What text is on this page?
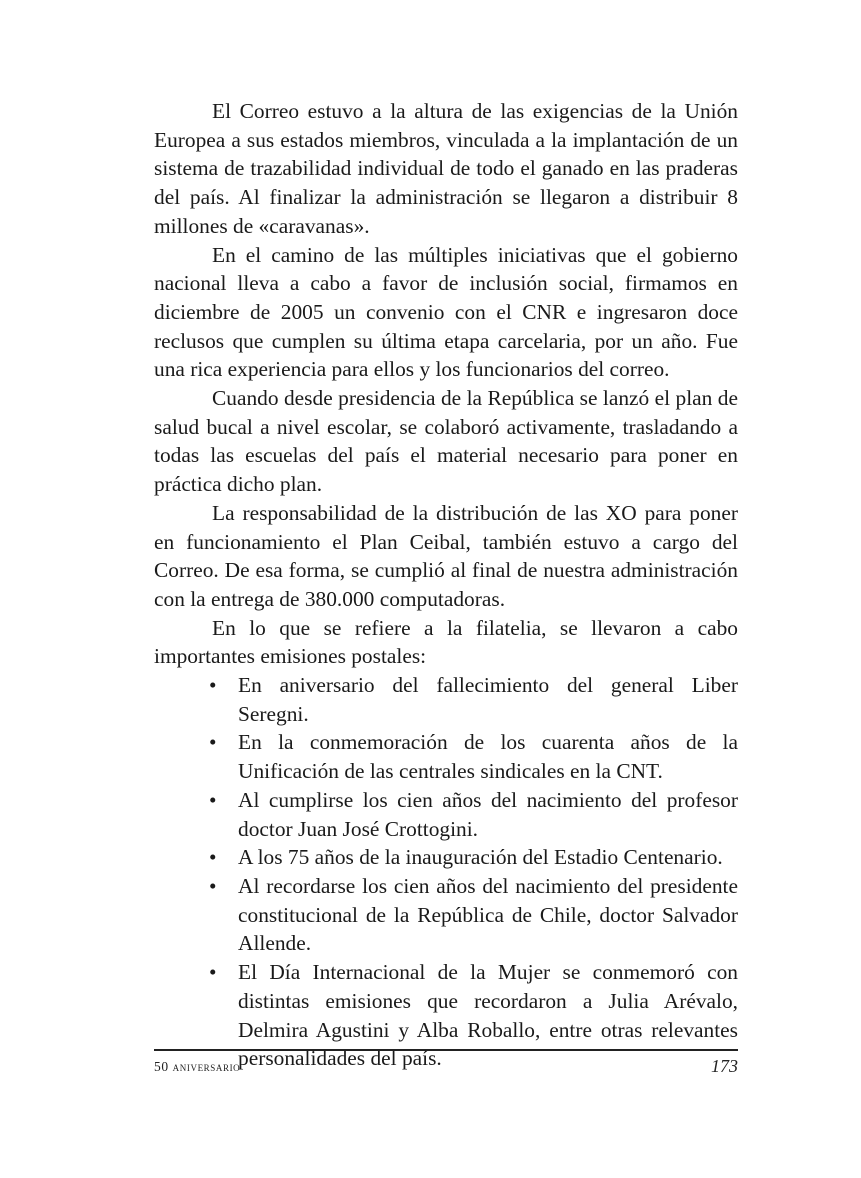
El Correo estuvo a la altura de las exigencias de la Unión Europea a sus estados miembros, vinculada a la implantación de un sistema de trazabilidad individual de todo el ganado en las praderas del país. Al finalizar la administración se llegaron a distribuir 8 millones de «caravanas».

En el camino de las múltiples iniciativas que el gobierno nacional lleva a cabo a favor de inclusión social, firmamos en diciembre de 2005 un convenio con el CNR e ingresaron doce reclusos que cumplen su última etapa carcelaria, por un año. Fue una rica experiencia para ellos y los funcionarios del correo.

Cuando desde presidencia de la República se lanzó el plan de salud bucal a nivel escolar, se colaboró activamente, trasladando a todas las escuelas del país el material necesario para poner en práctica dicho plan.

La responsabilidad de la distribución de las XO para poner en funcionamiento el Plan Ceibal, también estuvo a cargo del Correo. De esa forma, se cumplió al final de nuestra administración con la entrega de 380.000 computadoras.

En lo que se refiere a la filatelia, se llevaron a cabo importantes emisiones postales:

• En aniversario del fallecimiento del general Liber Seregni.
• En la conmemoración de los cuarenta años de la Unificación de las centrales sindicales en la CNT.
• Al cumplirse los cien años del nacimiento del profesor doctor Juan José Crottogini.
• A los 75 años de la inauguración del Estadio Centenario.
• Al recordarse los cien años del nacimiento del presidente constitucional de la República de Chile, doctor Salvador Allende.
• El Día Internacional de la Mujer se conmemoró con distintas emisiones que recordaron a Julia Arévalo, Delmira Agustini y Alba Roballo, entre otras relevantes personalidades del país.
50 aniversario	173
